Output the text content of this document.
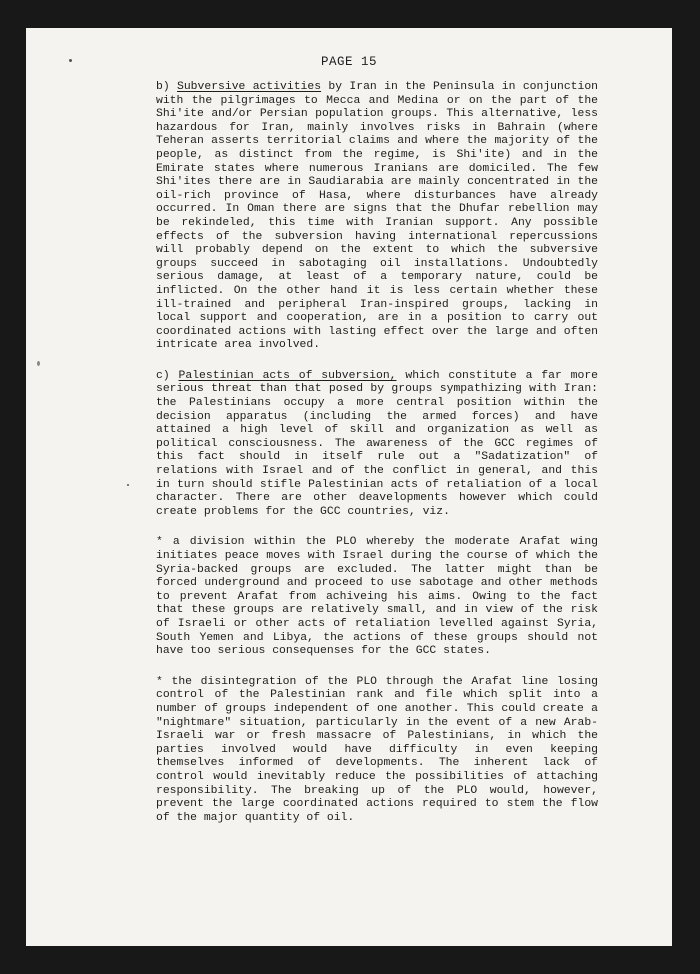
PAGE 15

b) Subversive activities by Iran in the Peninsula in conjunction with the pilgrimages to Mecca and Medina or on the part of the Shi'ite and/or Persian population groups. This alternative, less hazardous for Iran, mainly involves risks in Bahrain (where Teheran asserts territorial claims and where the majority of the people, as distinct from the regime, is Shi'ite) and in the Emirate states where numerous Iranians are domiciled. The few Shi'ites there are in Saudiarabia are mainly concentrated in the oil-rich province of Hasa, where disturbances have already occurred. In Oman there are signs that the Dhufar rebellion may be rekindeled, this time with Iranian support. Any possible effects of the subversion having international repercussions will probably depend on the extent to which the subversive groups succeed in sabotaging oil installations. Undoubtedly serious damage, at least of a temporary nature, could be inflicted. On the other hand it is less certain whether these ill-trained and peripheral Iran-inspired groups, lacking in local support and cooperation, are in a position to carry out coordinated actions with lasting effect over the large and often intricate area involved.

c) Palestinian acts of subversion, which constitute a far more serious threat than that posed by groups sympathizing with Iran: the Palestinians occupy a more central position within the decision apparatus (including the armed forces) and have attained a high level of skill and organization as well as political consciousness. The awareness of the GCC regimes of this fact should in itself rule out a "Sadatization" of relations with Israel and of the conflict in general, and this in turn should stifle Palestinian acts of retaliation of a local character. There are other deavelopments however which could create problems for the GCC countries, viz.

* a division within the PLO whereby the moderate Arafat wing initiates peace moves with Israel during the course of which the Syria-backed groups are excluded. The latter might than be forced underground and proceed to use sabotage and other methods to prevent Arafat from achiveing his aims. Owing to the fact that these groups are relatively small, and in view of the risk of Israeli or other acts of retaliation levelled against Syria, South Yemen and Libya, the actions of these groups should not have too serious consequenses for the GCC states.

* the disintegration of the PLO through the Arafat line losing control of the Palestinian rank and file which split into a number of groups independent of one another. This could create a "nightmare" situation, particularly in the event of a new Arab-Israeli war or fresh massacre of Palestinians, in which the parties involved would have difficulty in even keeping themselves informed of developments. The inherent lack of control would inevitably reduce the possibilities of attaching responsibility. The breaking up of the PLO would, however, prevent the large coordinated actions required to stem the flow of the major quantity of oil.
